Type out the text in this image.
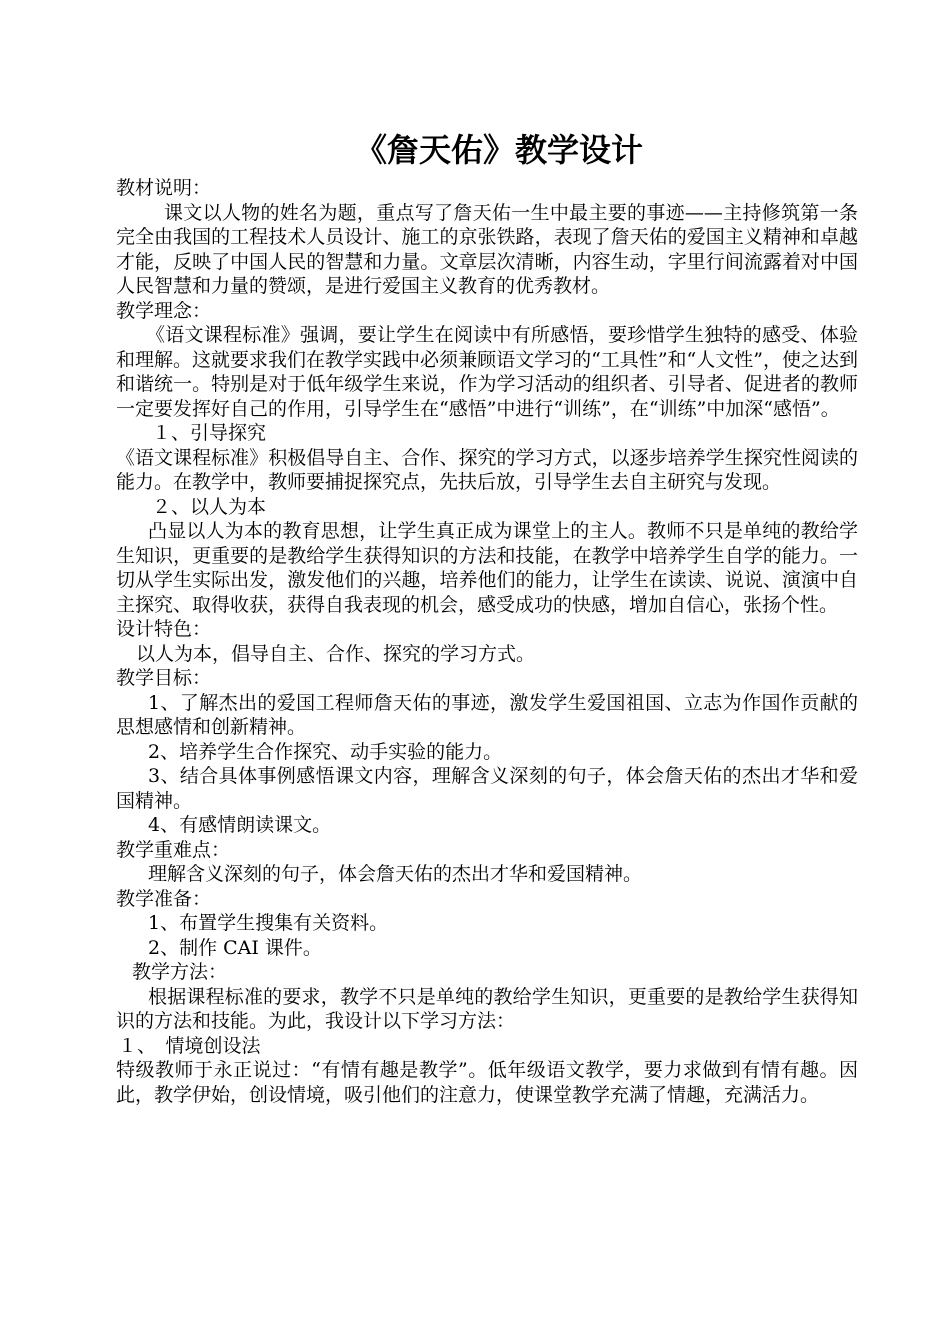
《詹天佑》教学设计

教材说明：

课文以人物的姓名为题，重点写了詹天佑一生中最主要的事迹——主持修筑第一条完全由我国的工程技术人员设计、施工的京张铁路，表现了詹天佑的爱国主义精神和卓越才能，反映了中国人民的智慧和力量。文章层次清晰，内容生动，字里行间流露着对中国人民智慧和力量的赞颂，是进行爱国主义教育的优秀教材。

教学理念：

《语文课程标准》强调，要让学生在阅读中有所感悟，要珍惜学生独特的感受、体验和理解。这就要求我们在教学实践中必须兼顾语文学习的“工具性”和“人文性”，使之达到和谐统一。特别是对于低年级学生来说，作为学习活动的组织者、引导者、促进者的教师一定要发挥好自己的作用，引导学生在“感悟”中进行“训练”，在“训练”中加深“感悟”。

１、引导探究

《语文课程标准》积极倡导自主、合作、探究的学习方式，以逐步培养学生探究性阅读的能力。在教学中，教师要捕捉探究点，先扶后放，引导学生去自主研究与发现。

２、以人为本

凸显以人为本的教育思想，让学生真正成为课堂上的主人。教师不只是单纯的教给学生知识，更重要的是教给学生获得知识的方法和技能，在教学中培养学生自学的能力。一切从学生实际出发，激发他们的兴趣，培养他们的能力，让学生在读读、说说、演演中自主探究、取得收获，获得自我表现的机会，感受成功的快感，增加自信心，张扬个性。

设计特色：

以人为本，倡导自主、合作、探究的学习方式。

教学目标：

1、了解杰出的爱国工程师詹天佑的事迹，激发学生爱国祖国、立志为作国作贡献的思想感情和创新精神。

2、培养学生合作探究、动手实验的能力。

3、结合具体事例感悟课文内容，理解含义深刻的句子，体会詹天佑的杰出才华和爱国精神。

4、有感情朗读课文。

教学重难点：

理解含义深刻的句子，体会詹天佑的杰出才华和爱国精神。

教学准备：

1、布置学生搜集有关资料。

2、制作 CAI 课件。

教学方法：

根据课程标准的要求，教学不只是单纯的教给学生知识，更重要的是教给学生获得知识的方法和技能。为此，我设计以下学习方法：

１、　情境创设法

特级教师于永正说过：“有情有趣是教学”。低年级语文教学，要力求做到有情有趣。因此，教学伊始，创设情境，吸引他们的注意力，使课堂教学充满了情趣，充满活力。
